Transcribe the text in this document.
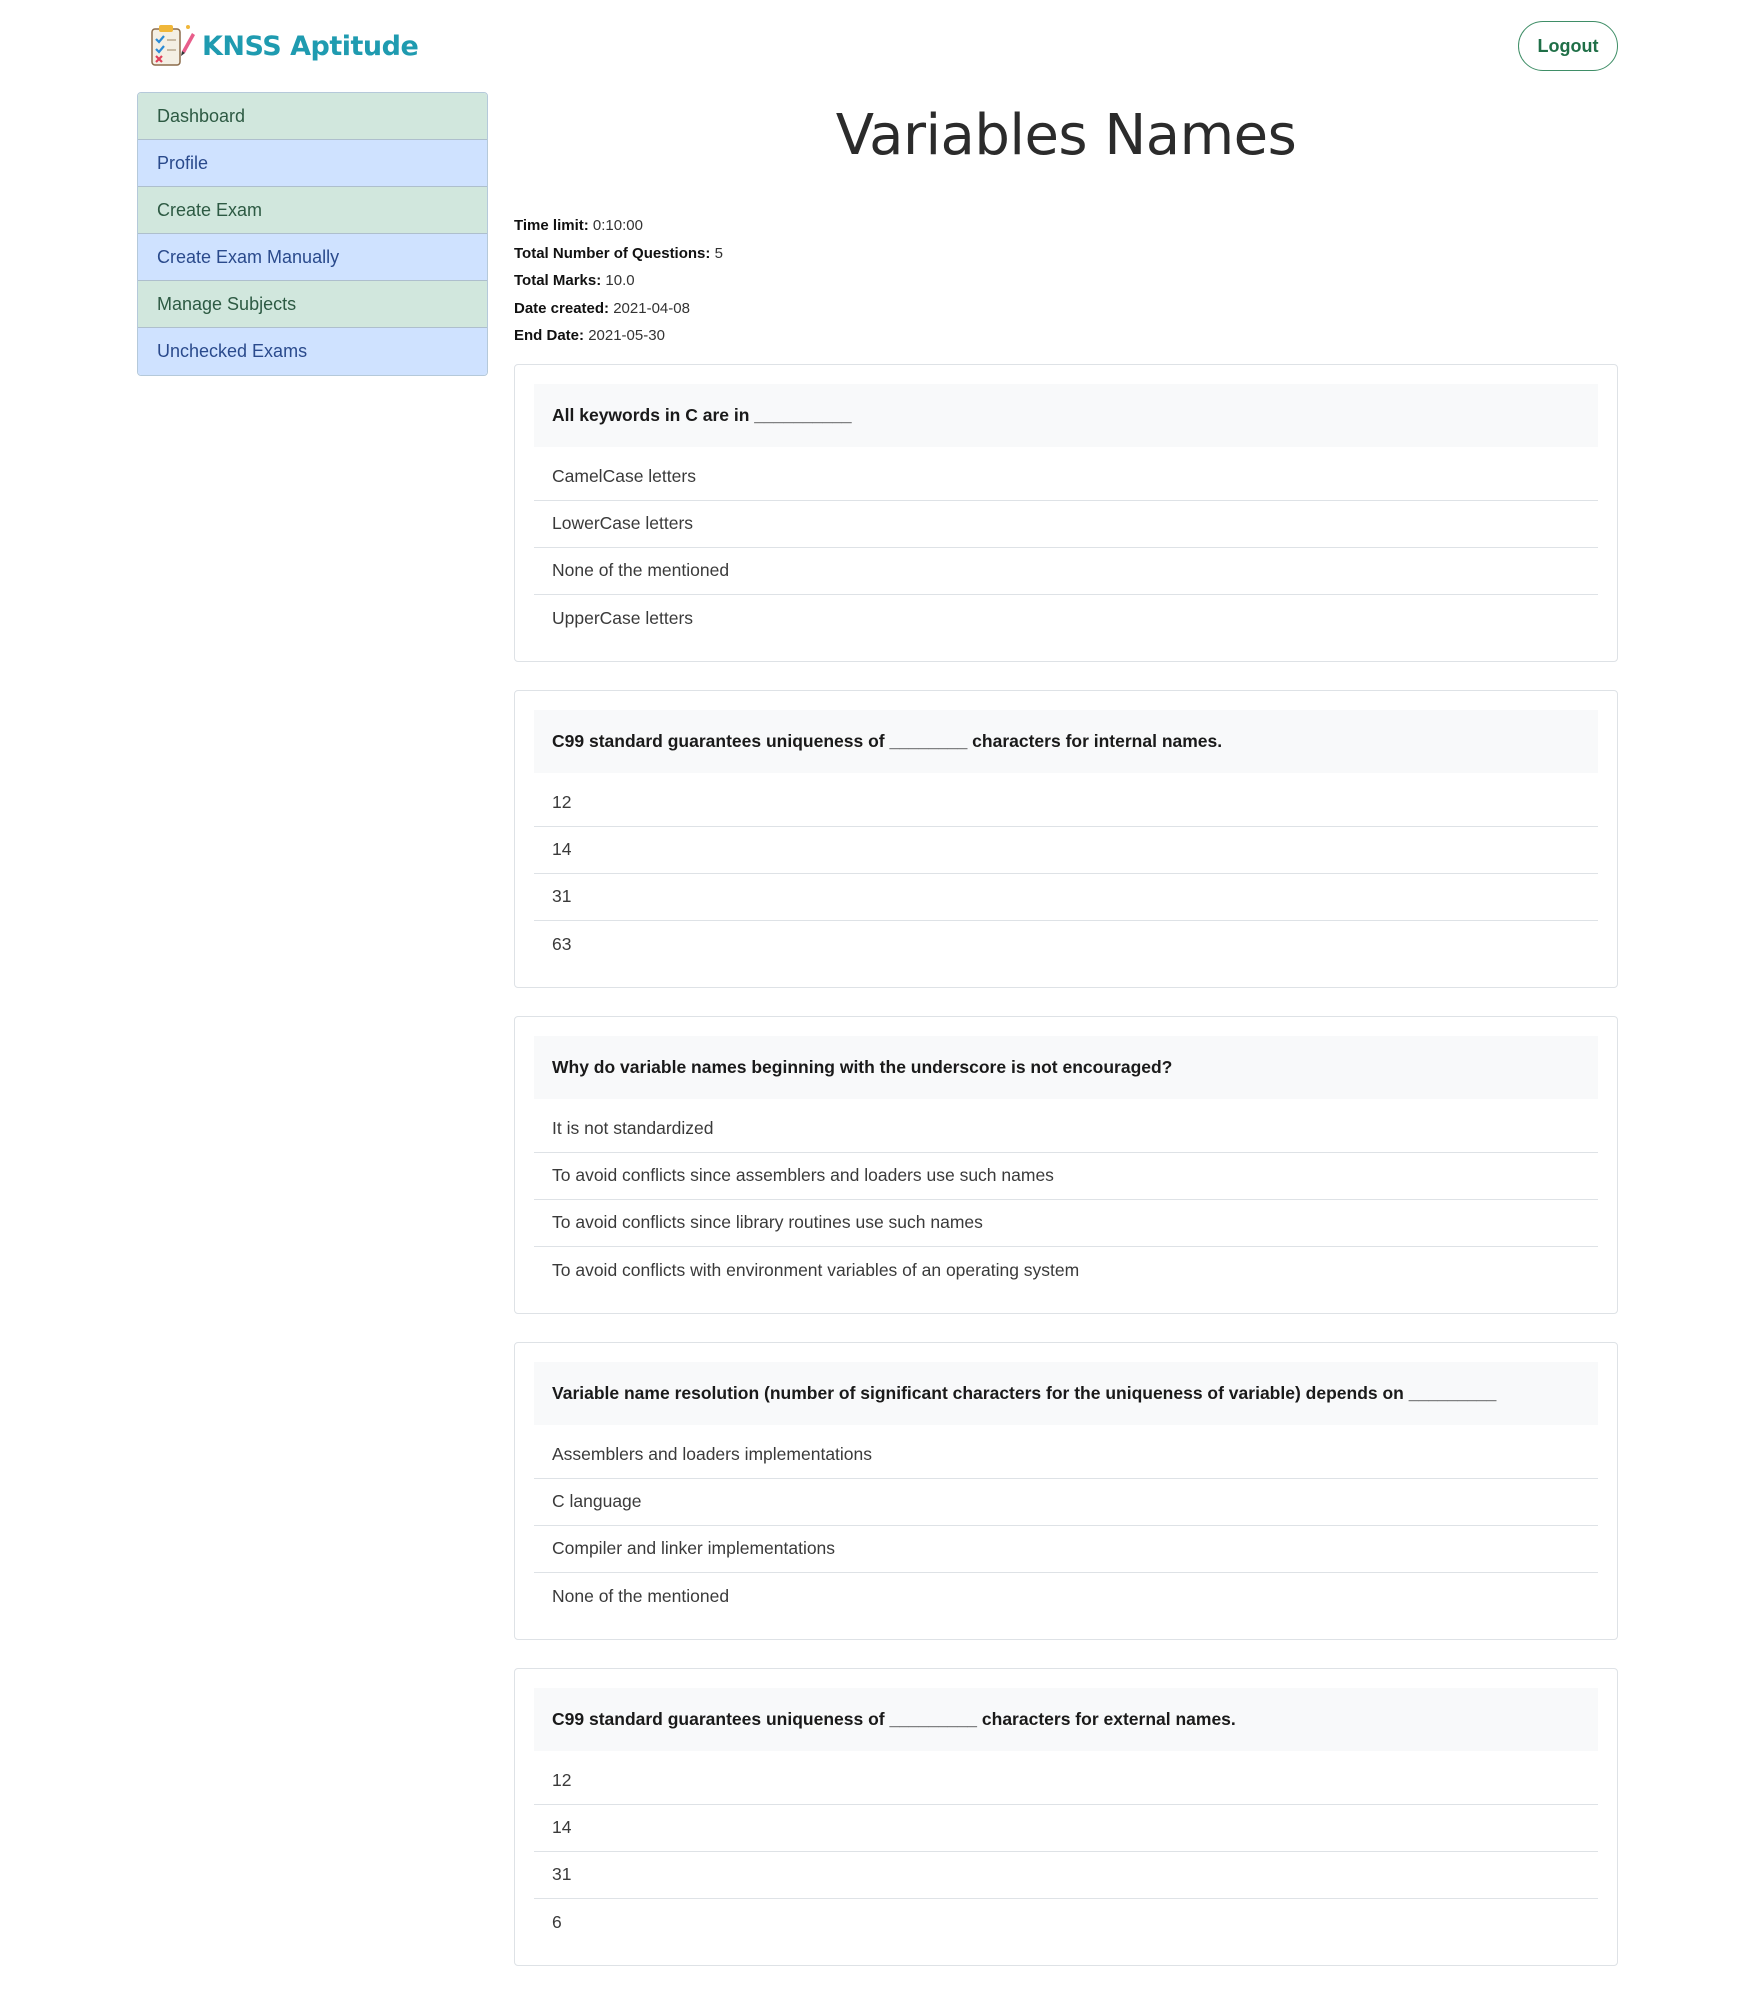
KNSS Aptitude	Logout
Dashboard
Profile
Create Exam
Create Exam Manually
Manage Subjects
Unchecked Exams
Variables Names
Time limit: 0:10:00
Total Number of Questions: 5
Total Marks: 10.0
Date created: 2021-04-08
End Date: 2021-05-30
All keywords in C are in __________
CamelCase letters
LowerCase letters
None of the mentioned
UpperCase letters
C99 standard guarantees uniqueness of ________ characters for internal names.
12
14
31
63
Why do variable names beginning with the underscore is not encouraged?
It is not standardized
To avoid conflicts since assemblers and loaders use such names
To avoid conflicts since library routines use such names
To avoid conflicts with environment variables of an operating system
Variable name resolution (number of significant characters for the uniqueness of variable) depends on _________
Assemblers and loaders implementations
C language
Compiler and linker implementations
None of the mentioned
C99 standard guarantees uniqueness of _________ characters for external names.
12
14
31
6
